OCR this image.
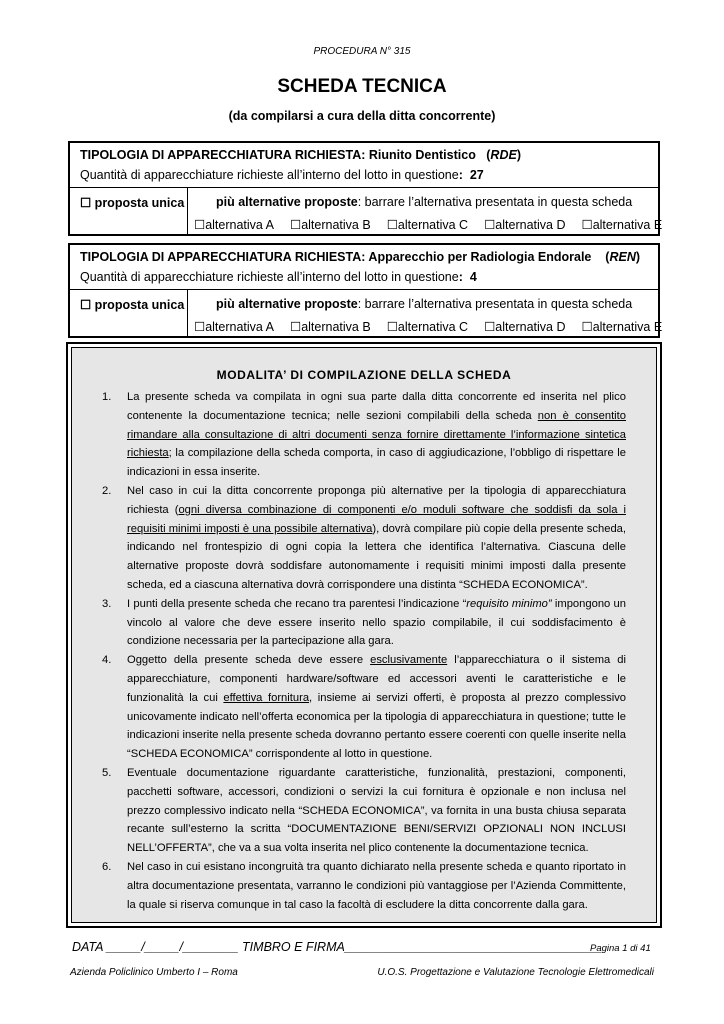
PROCEDURA N° 315
SCHEDA TECNICA
(da compilarsi a cura della ditta concorrente)
TIPOLOGIA DI APPARECCHIATURA RICHIESTA: Riunito Dentistico   (RDE)
Quantità di apparecchiature richieste all’interno del lotto in questione:  27
☐ proposta unica	più alternative proposte: barrare l’alternativa presentata in questa scheda
☐alternativa A ☐alternativa B ☐alternativa C ☐alternativa D ☐alternativa E
TIPOLOGIA DI APPARECCHIATURA RICHIESTA: Apparecchio per Radiologia Endorale    (REN)
Quantità di apparecchiature richieste all’interno del lotto in questione:  4
☐ proposta unica	più alternative proposte: barrare l’alternativa presentata in questa scheda
☐alternativa A ☐alternativa B ☐alternativa C ☐alternativa D ☐alternativa E
MODALITA’ DI COMPILAZIONE DELLA SCHEDA
1. La presente scheda va compilata in ogni sua parte dalla ditta concorrente ed inserita nel plico contenente la documentazione tecnica; nelle sezioni compilabili della scheda non è consentito rimandare alla consultazione di altri documenti senza fornire direttamente l’informazione sintetica richiesta; la compilazione della scheda comporta, in caso di aggiudicazione, l’obbligo di rispettare le indicazioni in essa inserite.
2. Nel caso in cui la ditta concorrente proponga più alternative per la tipologia di apparecchiatura richiesta (ogni diversa combinazione di componenti e/o moduli software che soddisfi da sola i requisiti minimi imposti è una possibile alternativa), dovrà compilare più copie della presente scheda, indicando nel frontespizio di ogni copia la lettera che identifica l’alternativa. Ciascuna delle alternative proposte dovrà soddisfare autonomamente i requisiti minimi imposti dalla presente scheda, ed a ciascuna alternativa dovrà corrispondere una distinta “SCHEDA ECONOMICA”.
3. I punti della presente scheda che recano tra parentesi l’indicazione “requisito minimo” impongono un vincolo al valore che deve essere inserito nello spazio compilabile, il cui soddisfacimento è condizione necessaria per la partecipazione alla gara.
4. Oggetto della presente scheda deve essere esclusivamente l’apparecchiatura o il sistema di apparecchiature, componenti hardware/software ed accessori aventi le caratteristiche e le funzionalità la cui effettiva fornitura, insieme ai servizi offerti, è proposta al prezzo complessivo unicovamente indicato nell’offerta economica per la tipologia di apparecchiatura in questione; tutte le indicazioni inserite nella presente scheda dovranno pertanto essere coerenti con quelle inserite nella “SCHEDA ECONOMICA” corrispondente al lotto in questione.
5. Eventuale documentazione riguardante caratteristiche, funzionalità, prestazioni, componenti, pacchetti software, accessori, condizioni o servizi la cui fornitura è opzionale e non inclusa nel prezzo complessivo indicato nella “SCHEDA ECONOMICA”, va fornita in una busta chiusa separata recante sull’esterno la scritta “DOCUMENTAZIONE BENI/SERVIZI OPZIONALI NON INCLUSI NELL’OFFERTA”, che va a sua volta inserita nel plico contenente la documentazione tecnica.
6. Nel caso in cui esistano incongruità tra quanto dichiarato nella presente scheda e quanto riportato in altra documentazione presentata, varranno le condizioni più vantaggiose per l’Azienda Committente, la quale si riserva comunque in tal caso la facoltà di escludere la ditta concorrente dalla gara.
DATA _____/_____/________ TIMBRO E FIRMA_____________________________________
Pagina 1 di 41
Azienda Policlinico Umberto I – Roma	U.O.S. Progettazione e Valutazione Tecnologie Elettromedicali
